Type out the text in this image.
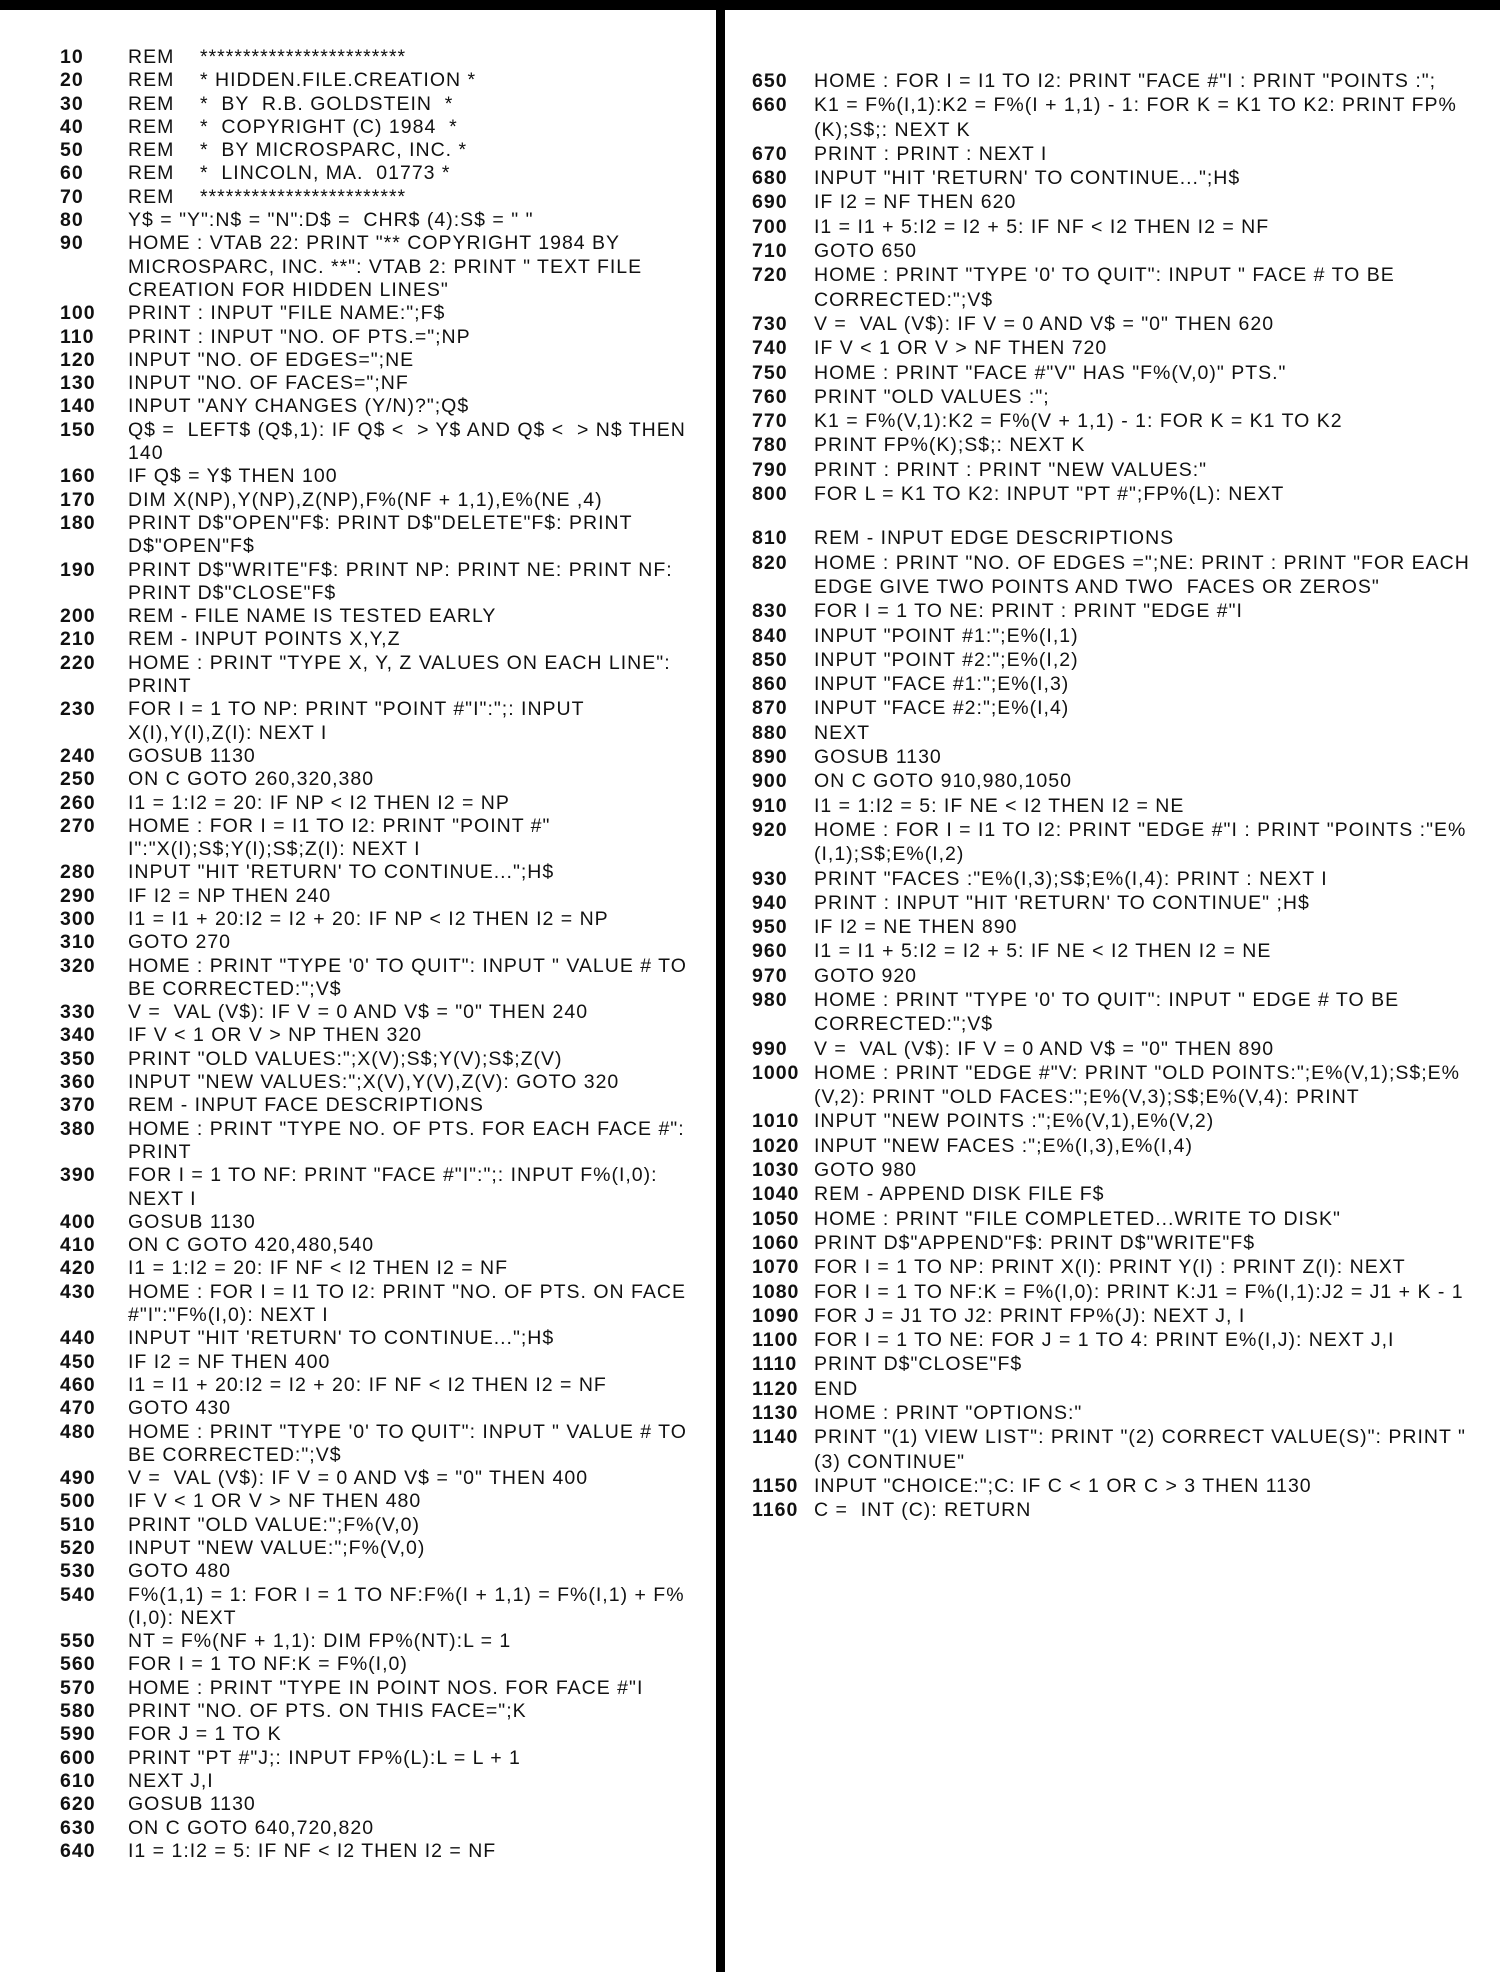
10	REM    ************************
20	REM    * HIDDEN.FILE.CREATION *
30	REM    *  BY  R.B. GOLDSTEIN  *
40	REM    *  COPYRIGHT (C) 1984  *
50	REM    *  BY MICROSPARC, INC. *
60	REM    *  LINCOLN, MA.  01773 *
70	REM    ************************
80	Y$ = "Y":N$ = "N":D$ =  CHR$ (4):S$ = " "
90	HOME : VTAB 22: PRINT "** COPYRIGHT 1984 BY MICROSPARC, INC. **": VTAB 2: PRINT " TEXT FILE CREATION FOR HIDDEN LINES"
100	PRINT : INPUT "FILE NAME:";F$
110	PRINT : INPUT "NO. OF PTS.=";NP
120	INPUT "NO. OF EDGES=";NE
130	INPUT "NO. OF FACES=";NF
140	INPUT "ANY CHANGES (Y/N)?";Q$
150	Q$ =  LEFT$ (Q$,1): IF Q$ <  > Y$ AND Q$ <  > N$ THEN 140
160	IF Q$ = Y$ THEN 100
170	DIM X(NP),Y(NP),Z(NP),F%(NF + 1,1),E%(NE ,4)
180	PRINT D$"OPEN"F$: PRINT D$"DELETE"F$: PRINT D$"OPEN"F$
190	PRINT D$"WRITE"F$: PRINT NP: PRINT NE: PRINT NF: PRINT D$"CLOSE"F$
200	REM - FILE NAME IS TESTED EARLY
210	REM - INPUT POINTS X,Y,Z
220	HOME : PRINT "TYPE X, Y, Z VALUES ON EACH LINE": PRINT
230	FOR I = 1 TO NP: PRINT "POINT #"I":";: INPUT X(I),Y(I),Z(I): NEXT I
240	GOSUB 1130
250	ON C GOTO 260,320,380
260	I1 = 1:I2 = 20: IF NP < I2 THEN I2 = NP
270	HOME : FOR I = I1 TO I2: PRINT "POINT #" I":"X(I);S$;Y(I);S$;Z(I): NEXT I
280	INPUT "HIT 'RETURN' TO CONTINUE...";H$
290	IF I2 = NP THEN 240
300	I1 = I1 + 20:I2 = I2 + 20: IF NP < I2 THEN I2 = NP
310	GOTO 270
320	HOME : PRINT "TYPE '0' TO QUIT": INPUT " VALUE # TO BE CORRECTED:";V$
330	V =  VAL (V$): IF V = 0 AND V$ = "0" THEN 240
340	IF V < 1 OR V > NP THEN 320
350	PRINT "OLD VALUES:";X(V);S$;Y(V);S$;Z(V)
360	INPUT "NEW VALUES:";X(V),Y(V),Z(V): GOTO 320
370	REM - INPUT FACE DESCRIPTIONS
380	HOME : PRINT "TYPE NO. OF PTS. FOR EACH FACE #": PRINT
390	FOR I = 1 TO NF: PRINT "FACE #"I":";: INPUT F%(I,0): NEXT I
400	GOSUB 1130
410	ON C GOTO 420,480,540
420	I1 = 1:I2 = 20: IF NF < I2 THEN I2 = NF
430	HOME : FOR I = I1 TO I2: PRINT "NO. OF PTS. ON FACE #"I":"F%(I,0): NEXT I
440	INPUT "HIT 'RETURN' TO CONTINUE...";H$
450	IF I2 = NF THEN 400
460	I1 = I1 + 20:I2 = I2 + 20: IF NF < I2 THEN I2 = NF
470	GOTO 430
480	HOME : PRINT "TYPE '0' TO QUIT": INPUT " VALUE # TO BE CORRECTED:";V$
490	V =  VAL (V$): IF V = 0 AND V$ = "0" THEN 400
500	IF V < 1 OR V > NF THEN 480
510	PRINT "OLD VALUE:";F%(V,0)
520	INPUT "NEW VALUE:";F%(V,0)
530	GOTO 480
540	F%(1,1) = 1: FOR I = 1 TO NF:F%(I + 1,1) = F%(I,1) + F%(I,0): NEXT
550	NT = F%(NF + 1,1): DIM FP%(NT):L = 1
560	FOR I = 1 TO NF:K = F%(I,0)
570	HOME : PRINT "TYPE IN POINT NOS. FOR FACE #"I
580	PRINT "NO. OF PTS. ON THIS FACE=";K
590	FOR J = 1 TO K
600	PRINT "PT #"J;: INPUT FP%(L):L = L + 1
610	NEXT J,I
620	GOSUB 1130
630	ON C GOTO 640,720,820
640	I1 = 1:I2 = 5: IF NF < I2 THEN I2 = NF
650	HOME : FOR I = I1 TO I2: PRINT "FACE #"I : PRINT "POINTS :";
660	K1 = F%(I,1):K2 = F%(I + 1,1) - 1: FOR K = K1 TO K2: PRINT FP%(K);S$;: NEXT K
670	PRINT : PRINT : NEXT I
680	INPUT "HIT 'RETURN' TO CONTINUE...";H$
690	IF I2 = NF THEN 620
700	I1 = I1 + 5:I2 = I2 + 5: IF NF < I2 THEN I2 = NF
710	GOTO 650
720	HOME : PRINT "TYPE '0' TO QUIT": INPUT " FACE # TO BE CORRECTED:";V$
730	V =  VAL (V$): IF V = 0 AND V$ = "0" THEN 620
740	IF V < 1 OR V > NF THEN 720
750	HOME : PRINT "FACE #"V" HAS "F%(V,0)" PTS."
760	PRINT "OLD VALUES :";
770	K1 = F%(V,1):K2 = F%(V + 1,1) - 1: FOR K = K1 TO K2
780	PRINT FP%(K);S$;: NEXT K
790	PRINT : PRINT : PRINT "NEW VALUES:"
800	FOR L = K1 TO K2: INPUT "PT #";FP%(L): NEXT
810	REM - INPUT EDGE DESCRIPTIONS
820	HOME : PRINT "NO. OF EDGES =";NE: PRINT : PRINT "FOR EACH EDGE GIVE TWO POINTS AND TWO  FACES OR ZEROS"
830	FOR I = 1 TO NE: PRINT : PRINT "EDGE #"I
840	INPUT "POINT #1:";E%(I,1)
850	INPUT "POINT #2:";E%(I,2)
860	INPUT "FACE #1:";E%(I,3)
870	INPUT "FACE #2:";E%(I,4)
880	NEXT
890	GOSUB 1130
900	ON C GOTO 910,980,1050
910	I1 = 1:I2 = 5: IF NE < I2 THEN I2 = NE
920	HOME : FOR I = I1 TO I2: PRINT "EDGE #"I : PRINT "POINTS :"E%(I,1);S$;E%(I,2)
930	PRINT "FACES :"E%(I,3);S$;E%(I,4): PRINT : NEXT I
940	PRINT : INPUT "HIT 'RETURN' TO CONTINUE" ;H$
950	IF I2 = NE THEN 890
960	I1 = I1 + 5:I2 = I2 + 5: IF NE < I2 THEN I2 = NE
970	GOTO 920
980	HOME : PRINT "TYPE '0' TO QUIT": INPUT " EDGE # TO BE CORRECTED:";V$
990	V =  VAL (V$): IF V = 0 AND V$ = "0" THEN 890
1000 HOME : PRINT "EDGE #"V: PRINT "OLD POINTS:";E%(V,1);S$;E%(V,2): PRINT "OLD FACES:";E%(V,3);S$;E%(V,4): PRINT
1010 INPUT "NEW POINTS :";E%(V,1),E%(V,2)
1020 INPUT "NEW FACES :";E%(I,3),E%(I,4)
1030 GOTO 980
1040 REM - APPEND DISK FILE F$
1050 HOME : PRINT "FILE COMPLETED...WRITE TO DISK"
1060 PRINT D$"APPEND"F$: PRINT D$"WRITE"F$
1070 FOR I = 1 TO NP: PRINT X(I): PRINT Y(I) : PRINT Z(I): NEXT
1080 FOR I = 1 TO NF:K = F%(I,0): PRINT K:J1 = F%(I,1):J2 = J1 + K - 1
1090 FOR J = J1 TO J2: PRINT FP%(J): NEXT J, I
1100 FOR I = 1 TO NE: FOR J = 1 TO 4: PRINT E%(I,J): NEXT J,I
1110 PRINT D$"CLOSE"F$
1120 END
1130 HOME : PRINT "OPTIONS:"
1140 PRINT "(1) VIEW LIST": PRINT "(2) CORRECT VALUE(S)": PRINT "(3) CONTINUE"
1150 INPUT "CHOICE:";C: IF C < 1 OR C > 3 THEN 1130
1160 C =  INT (C): RETURN
